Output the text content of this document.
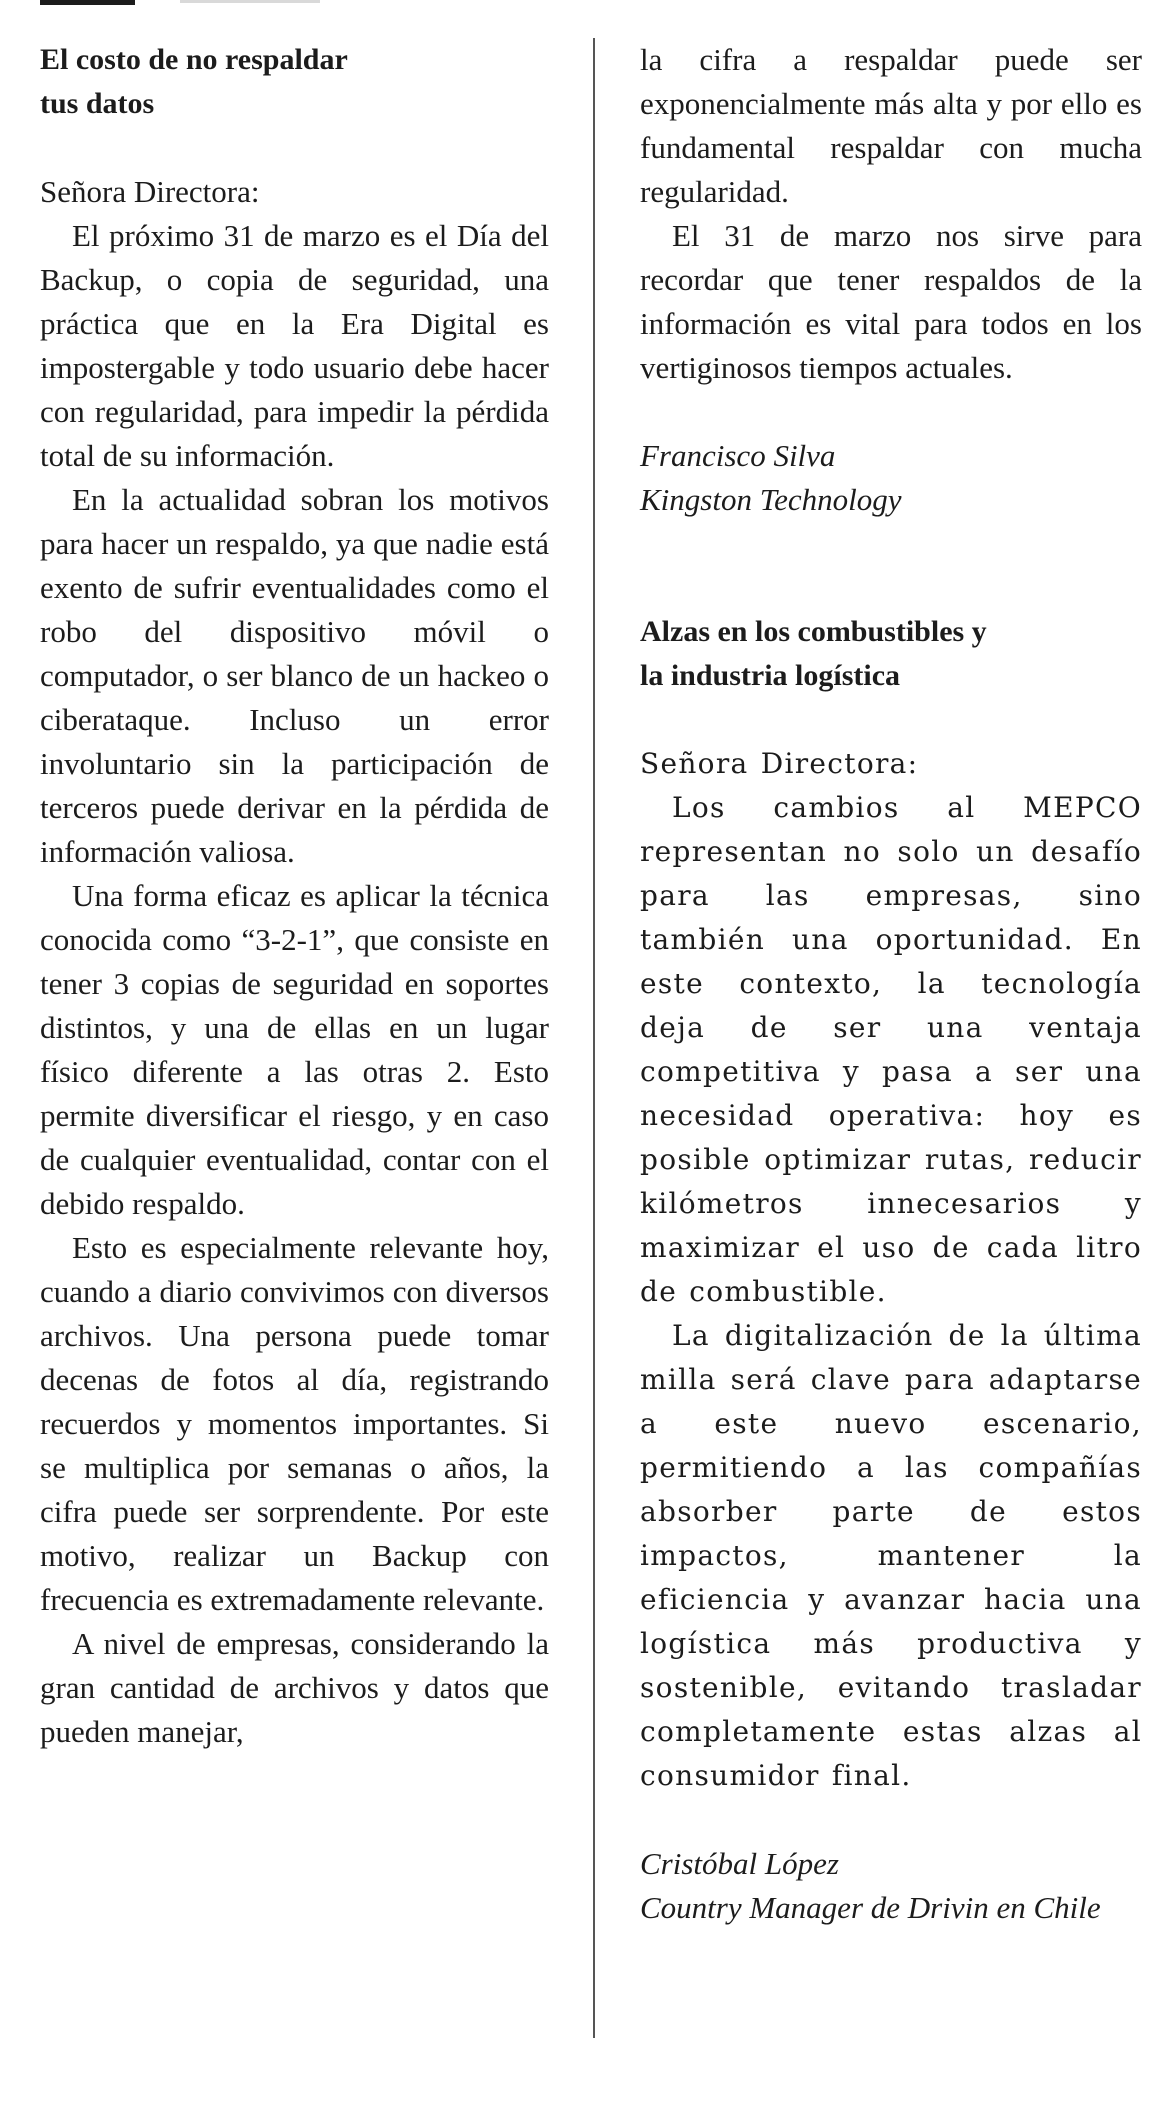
El costo de no respaldar
tus datos

Señora Directora:

El próximo 31 de marzo es el Día del Backup, o copia de seguridad, una práctica que en la Era Digital es impostergable y todo usuario debe hacer con regularidad, para impedir la pérdida total de su información.

En la actualidad sobran los motivos para hacer un respaldo, ya que nadie está exento de sufrir eventualidades como el robo del dispositivo móvil o computador, o ser blanco de un hackeo o ciberataque. Incluso un error involuntario sin la participación de terceros puede derivar en la pérdida de información valiosa.

Una forma eficaz es aplicar la técnica conocida como “3-2-1”, que consiste en tener 3 copias de seguridad en soportes distintos, y una de ellas en un lugar físico diferente a las otras 2. Esto permite diversificar el riesgo, y en caso de cualquier eventualidad, contar con el debido respaldo.

Esto es especialmente relevante hoy, cuando a diario convivimos con diversos archivos. Una persona puede tomar decenas de fotos al día, registrando recuerdos y momentos importantes. Si se multiplica por semanas o años, la cifra puede ser sorprendente. Por este motivo, realizar un Backup con frecuencia es extremadamente relevante.

A nivel de empresas, considerando la gran cantidad de archivos y datos que pueden manejar,

la cifra a respaldar puede ser exponencialmente más alta y por ello es fundamental respaldar con mucha regularidad.

El 31 de marzo nos sirve para recordar que tener respaldos de la información es vital para todos en los vertiginosos tiempos actuales.

Francisco Silva

Kingston Technology

Alzas en los combustibles y
la industria logística

Señora Directora:

Los cambios al MEPCO representan no solo un desafío para las empresas, sino también una oportunidad. En este contexto, la tecnología deja de ser una ventaja competitiva y pasa a ser una necesidad operativa: hoy es posible optimizar rutas, reducir kilómetros innecesarios y maximizar el uso de cada litro de combustible.

La digitalización de la última milla será clave para adaptarse a este nuevo escenario, permitiendo a las compañías absorber parte de estos impactos, mantener la eficiencia y avanzar hacia una logística más productiva y sostenible, evitando trasladar completamente estas alzas al consumidor final.

Cristóbal López

Country Manager de Drivin en Chile
